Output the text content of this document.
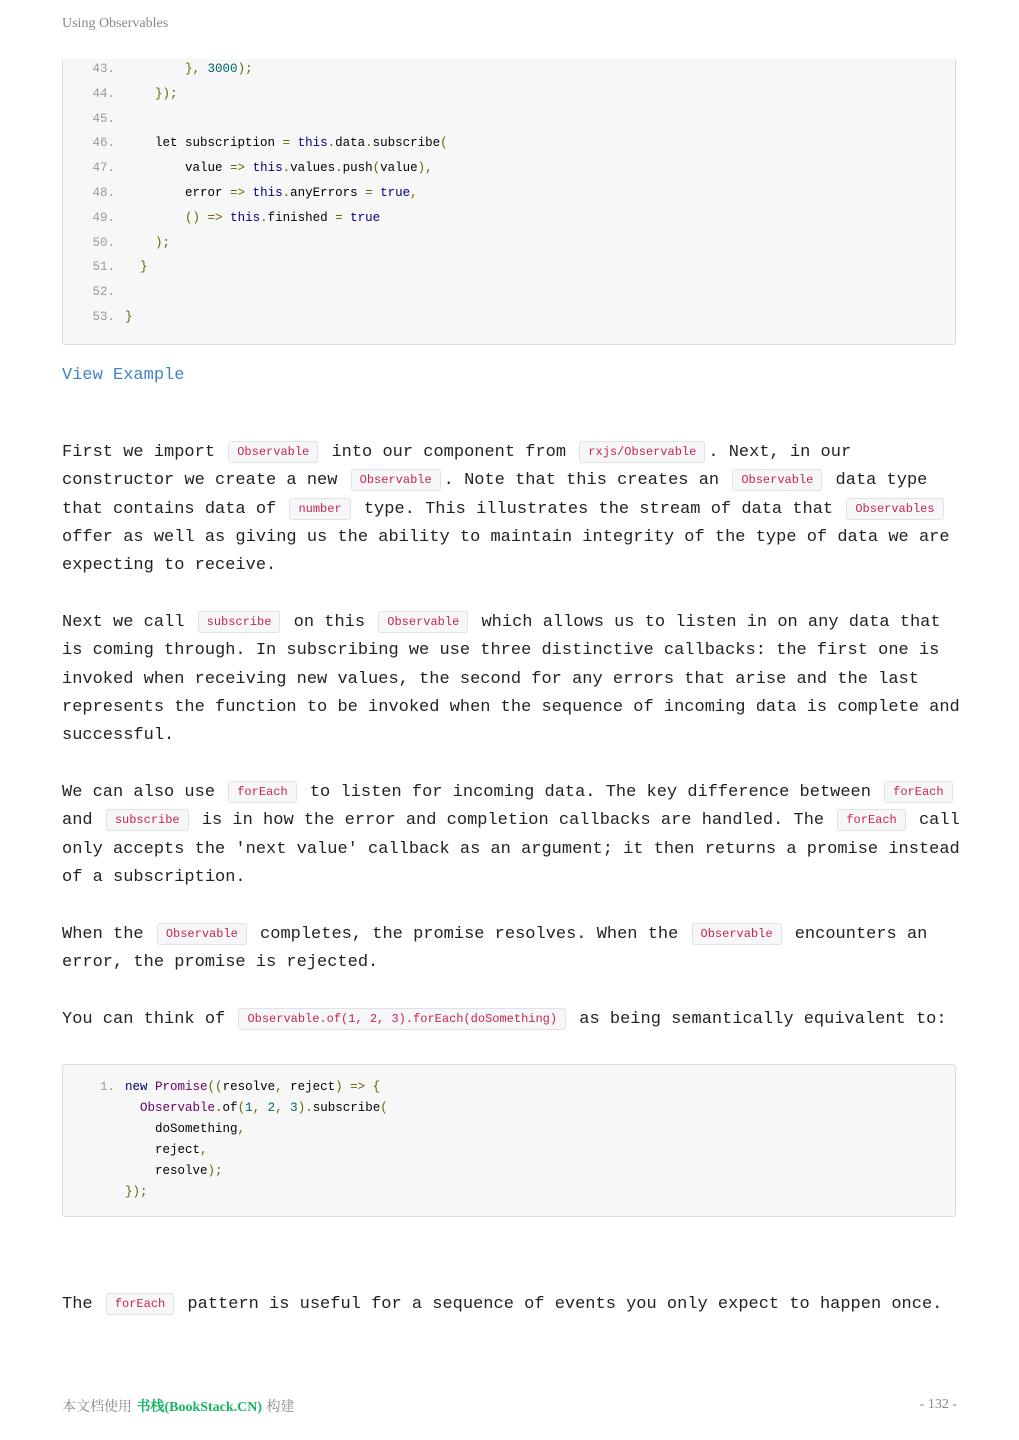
Using Observables
43.	}, 3000);
44.	});
45.
46. let subscription = this.data.subscribe(
47. value => this.values.push(value),
48. error => this.anyErrors = true,
49.	() => this.finished = true
50.	);
51.	}
52.
53. }
View Example

First we import Observable into our component from rxjs/Observable . Next, in our constructor we create a new Observable . Note that this creates an Observable data type that contains data of number type. This illustrates the stream of data that Observables offer as well as giving us the ability to maintain integrity of the type of data we are expecting to receive.

Next we call subscribe on this Observable which allows us to listen in on any data that is coming through. In subscribing we use three distinctive callbacks: the first one is invoked when receiving new values, the second for any errors that arise and the last represents the function to be invoked when the sequence of incoming data is complete and successful.

We can also use forEach to listen for incoming data. The key difference between forEach and subscribe is in how the error and completion callbacks are handled. The forEach call only accepts the 'next value' callback as an argument; it then returns a promise instead of a subscription.

When the Observable completes, the promise resolves. When the Observable encounters an error, the promise is rejected.

You can think of Observable.of(1, 2, 3).forEach(doSomething) as being semantically equivalent to:

1. new Promise((resolve, reject) => {
Observable.of(1, 2, 3).subscribe(
doSomething,
reject,
resolve);
});

The forEach pattern is useful for a sequence of events you only expect to happen once.

本文档使用 书栈(BookStack.CN) 构建	- 132 -
